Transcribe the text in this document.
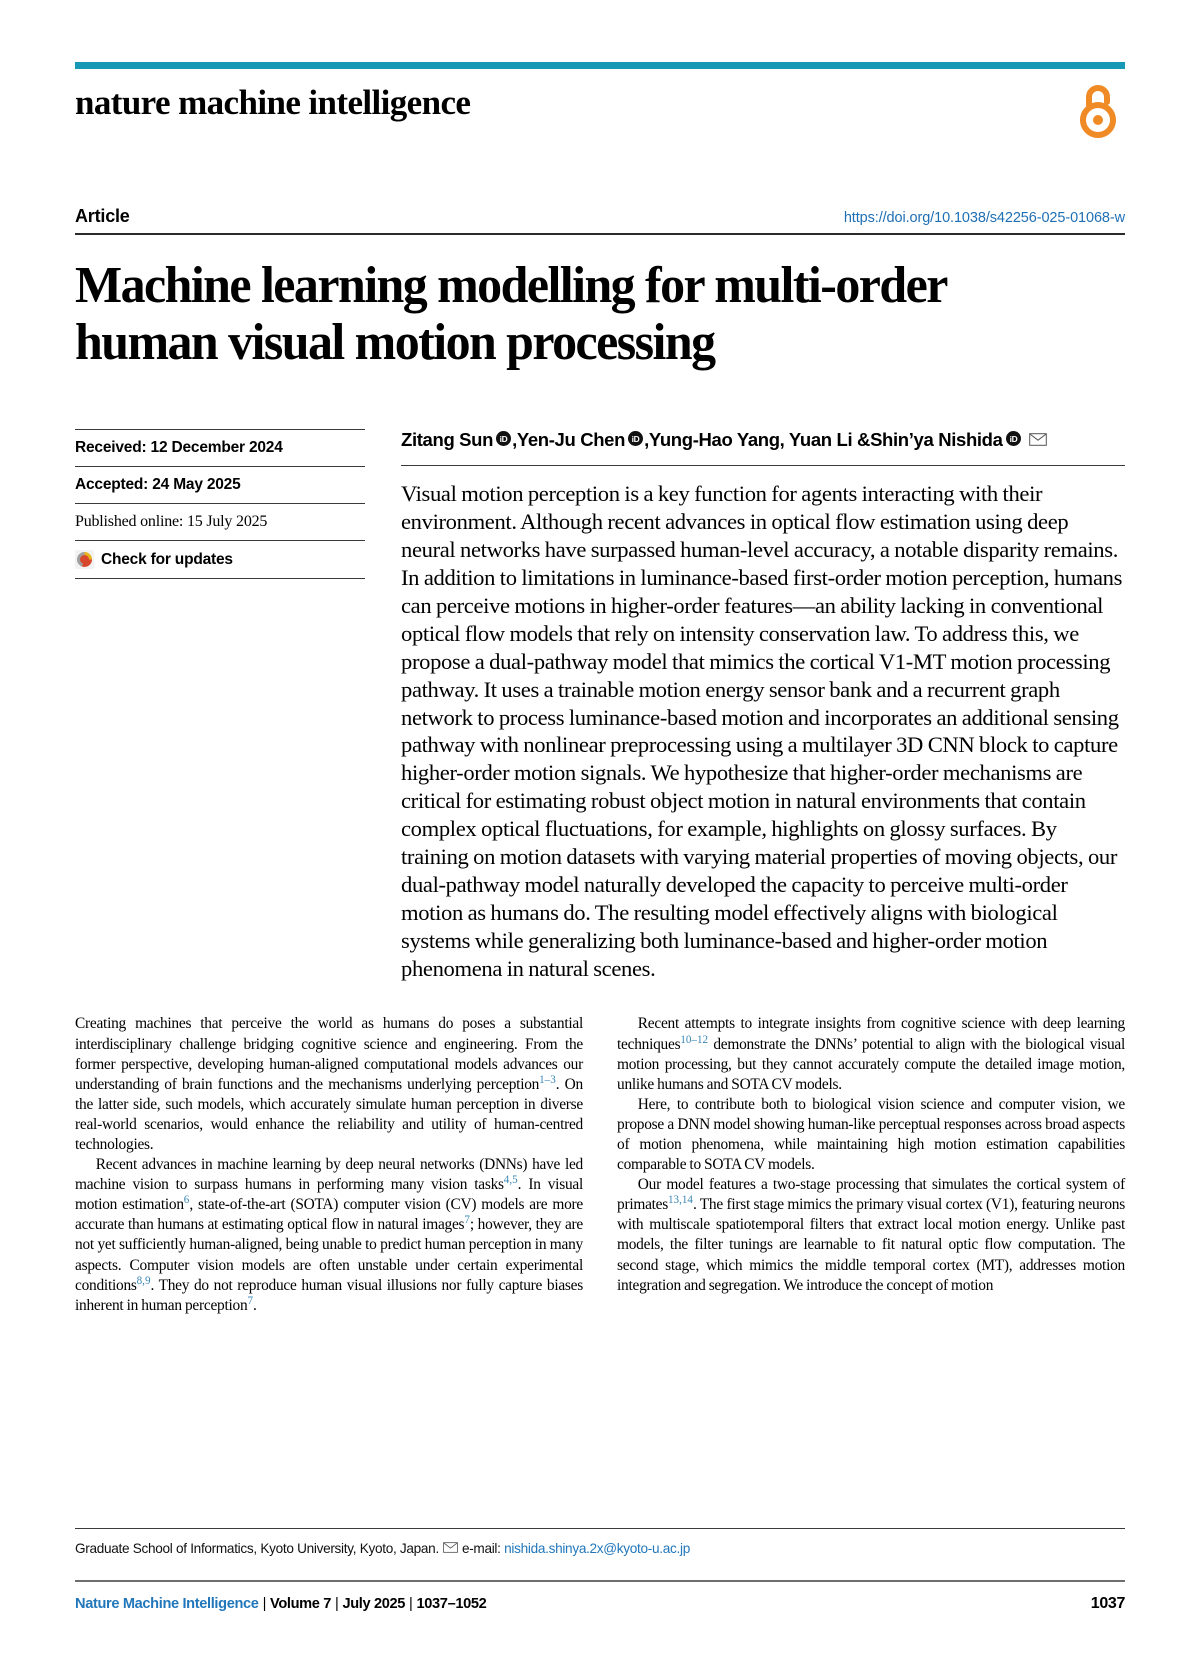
nature machine intelligence
Article	https://doi.org/10.1038/s42256-025-01068-w
Machine learning modelling for multi-order human visual motion processing
Received: 12 December 2024
Accepted: 24 May 2025
Published online: 15 July 2025
Check for updates
Zitang Sun iD , Yen-Ju Chen iD , Yung-Hao Yang, Yuan Li & Shin’ya Nishida iD
Visual motion perception is a key function for agents interacting with their environment. Although recent advances in optical flow estimation using deep neural networks have surpassed human-level accuracy, a notable disparity remains. In addition to limitations in luminance-based first-order motion perception, humans can perceive motions in higher-order features—an ability lacking in conventional optical flow models that rely on intensity conservation law. To address this, we propose a dual-pathway model that mimics the cortical V1-MT motion processing pathway. It uses a trainable motion energy sensor bank and a recurrent graph network to process luminance-based motion and incorporates an additional sensing pathway with nonlinear preprocessing using a multilayer 3D CNN block to capture higher-order motion signals. We hypothesize that higher-order mechanisms are critical for estimating robust object motion in natural environments that contain complex optical fluctuations, for example, highlights on glossy surfaces. By training on motion datasets with varying material properties of moving objects, our dual-pathway model naturally developed the capacity to perceive multi-order motion as humans do. The resulting model effectively aligns with biological systems while generalizing both luminance-based and higher-order motion phenomena in natural scenes.

Creating machines that perceive the world as humans do poses a substantial interdisciplinary challenge bridging cognitive science and engineering. From the former perspective, developing human-aligned computational models advances our understanding of brain functions and the mechanisms underlying perception$^{1-3}$. On the latter side, such models, which accurately simulate human perception in diverse real-world scenarios, would enhance the reliability and utility of human-centred technologies.

Recent advances in machine learning by deep neural networks (DNNs) have led machine vision to surpass humans in performing many vision tasks$^{4,5}$. In visual motion estimation$^6$, state-of-the-art (SOTA) computer vision (CV) models are more accurate than humans at estimating optical flow in natural images$^7$; however, they are not yet sufficiently human-aligned, being unable to predict human perception in many aspects. Computer vision models are often unstable under certain experimental conditions$^{8,9}$. They do not reproduce human visual illusions nor fully capture biases inherent in human perception$^7$.

Recent attempts to integrate insights from cognitive science with deep learning techniques$^{10-12}$ demonstrate the DNNs’ potential to align with the biological visual motion processing, but they cannot accurately compute the detailed image motion, unlike humans and SOTA CV models.

Here, to contribute both to biological vision science and computer vision, we propose a DNN model showing human-like perceptual responses across broad aspects of motion phenomena, while maintaining high motion estimation capabilities comparable to SOTA CV models.

Our model features a two-stage processing that simulates the cortical system of primates$^{13,14}$. The first stage mimics the primary visual cortex (V1), featuring neurons with multiscale spatiotemporal filters that extract local motion energy. Unlike past models, the filter tunings are learnable to fit natural optic flow computation. The second stage, which mimics the middle temporal cortex (MT), addresses motion integration and segregation. We introduce the concept of motion

Graduate School of Informatics, Kyoto University, Kyoto, Japan. e-mail:
nishida.shinya.2x@kyoto-u.ac.jp
Nature Machine Intelligence | Volume 7 | July 2025 | 1037–1052	1037
